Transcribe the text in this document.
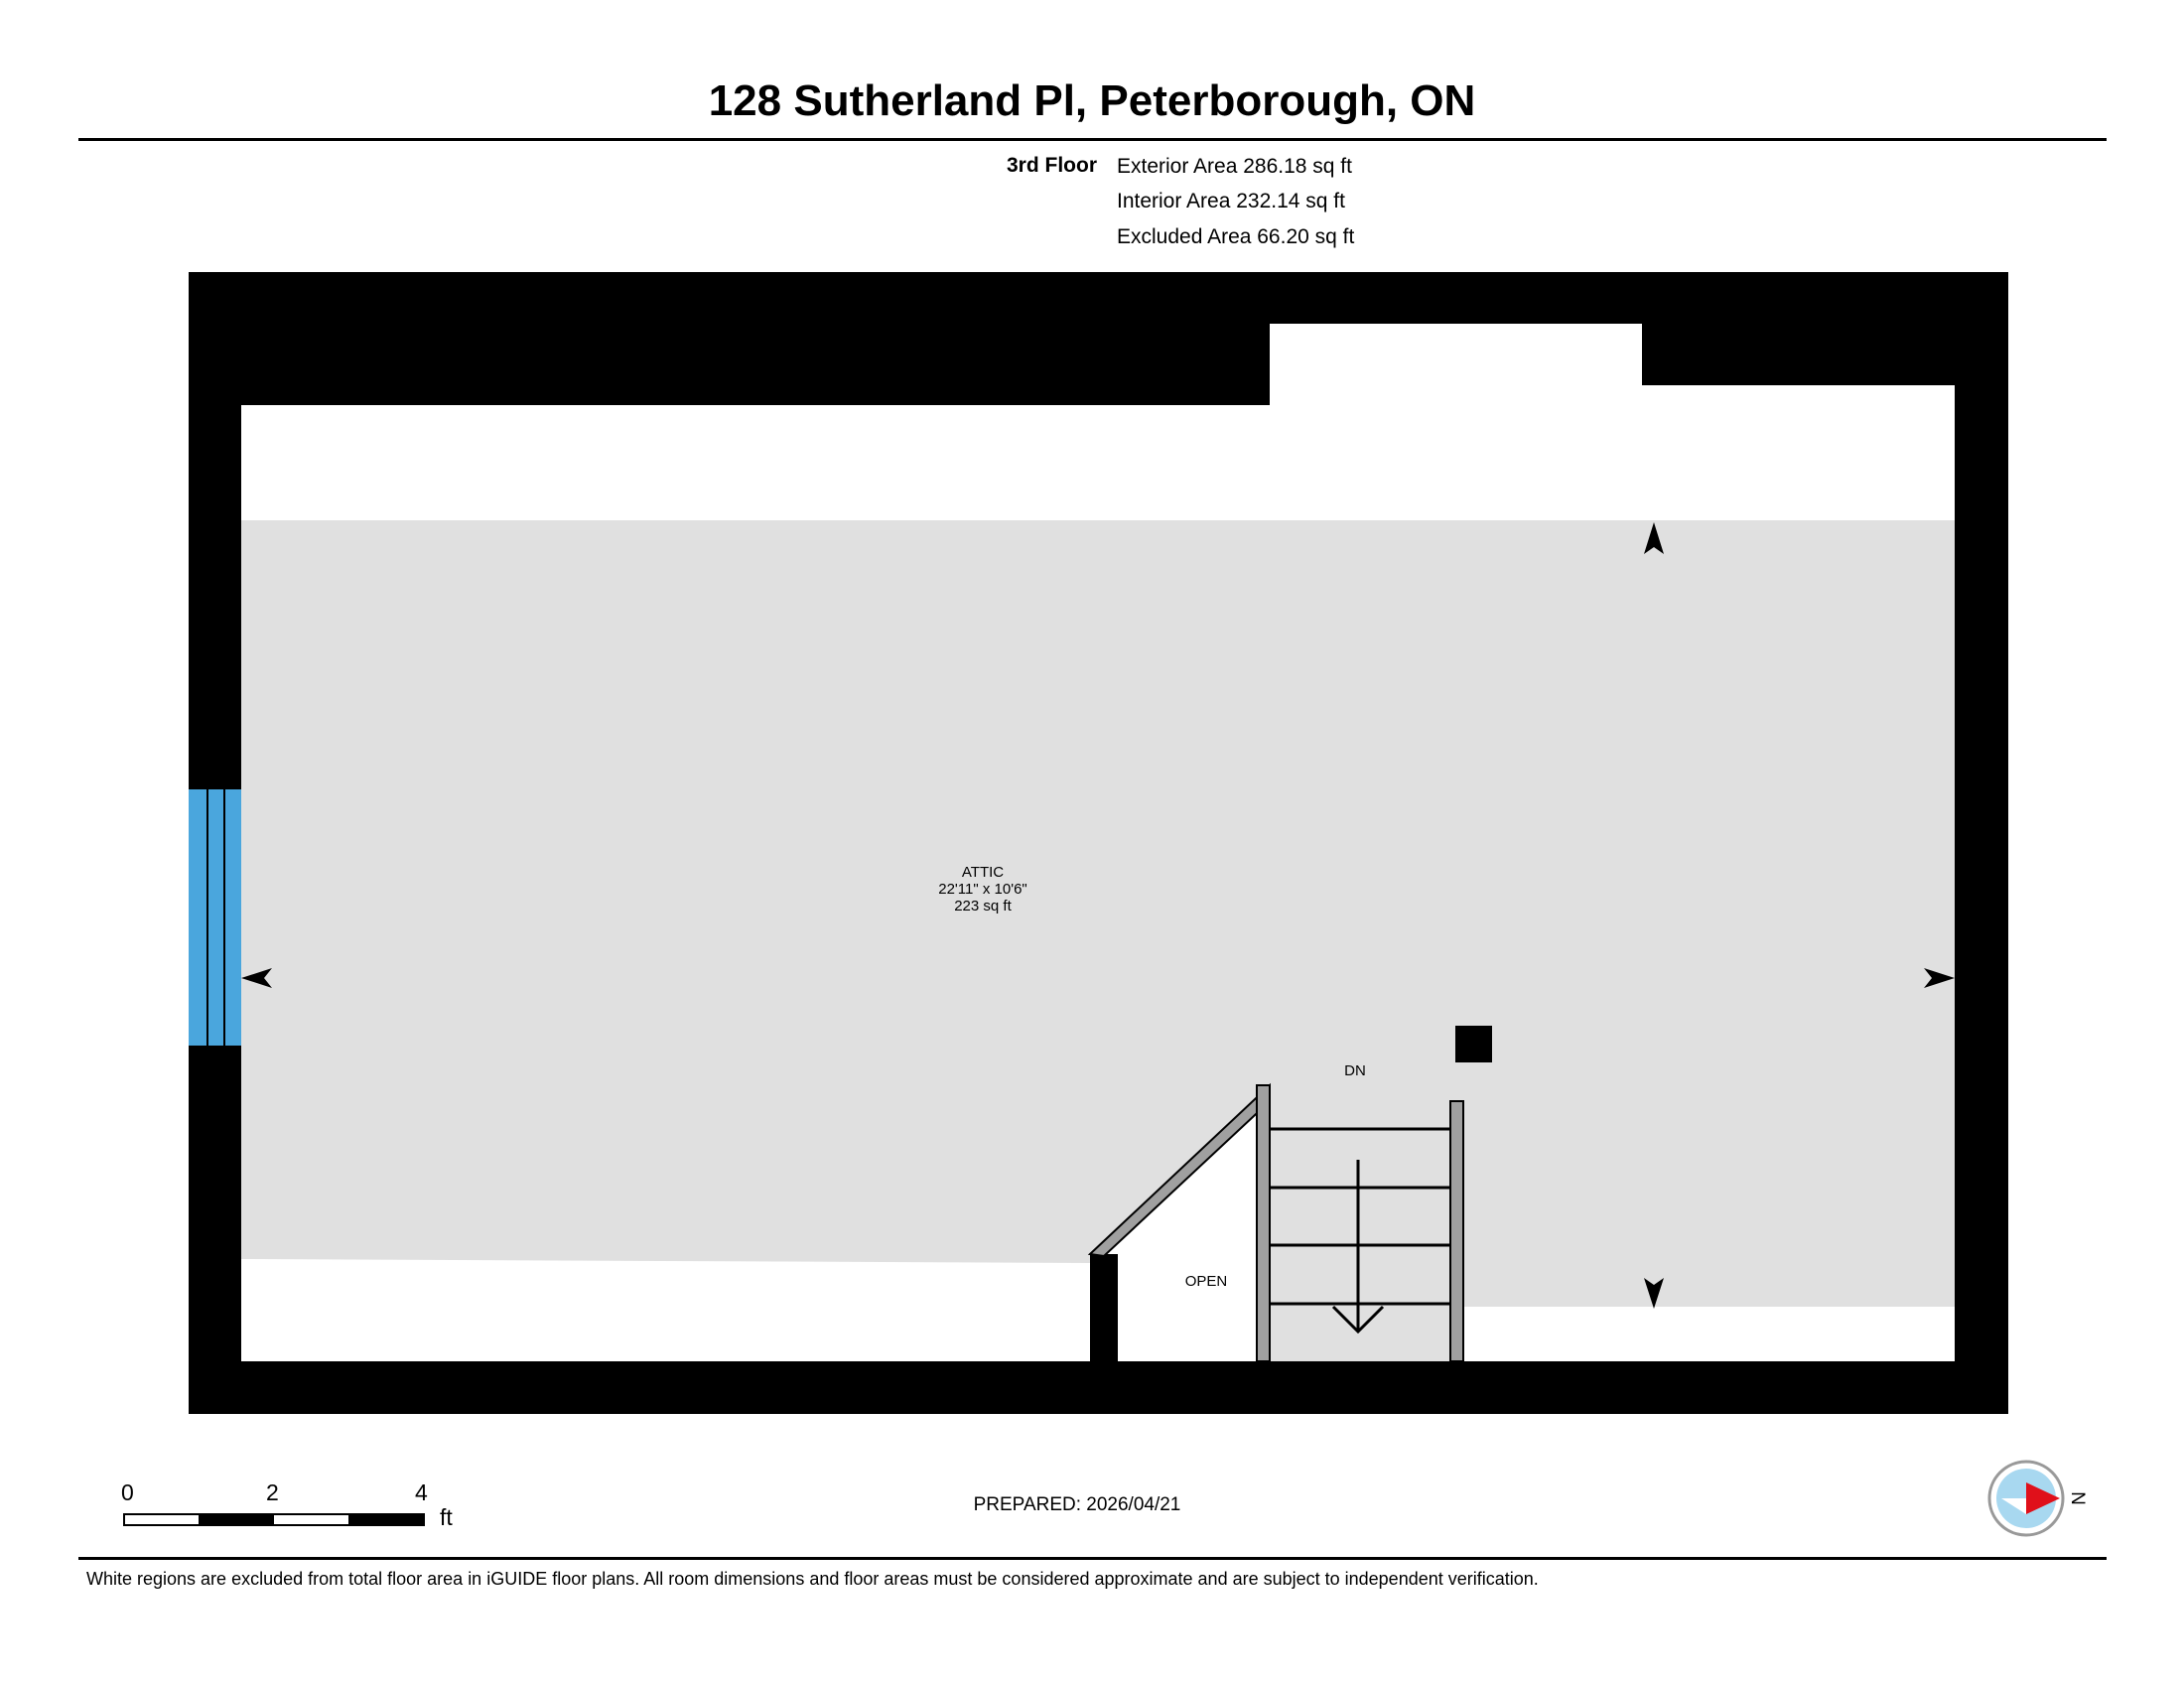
128 Sutherland Pl, Peterborough, ON
3rd Floor Exterior Area 286.18 sq ft
Interior Area 232.14 sq ft
Excluded Area 66.20 sq ft
ATTIC
22'11" x 10'6"
223 sq ft
DN
OPEN
0	2	4
ft	PREPARED: 2026/04/21	N
White regions are excluded from total floor area in iGUIDE floor plans. All room dimensions and floor areas must be considered approximate and are subject to independent verification.
